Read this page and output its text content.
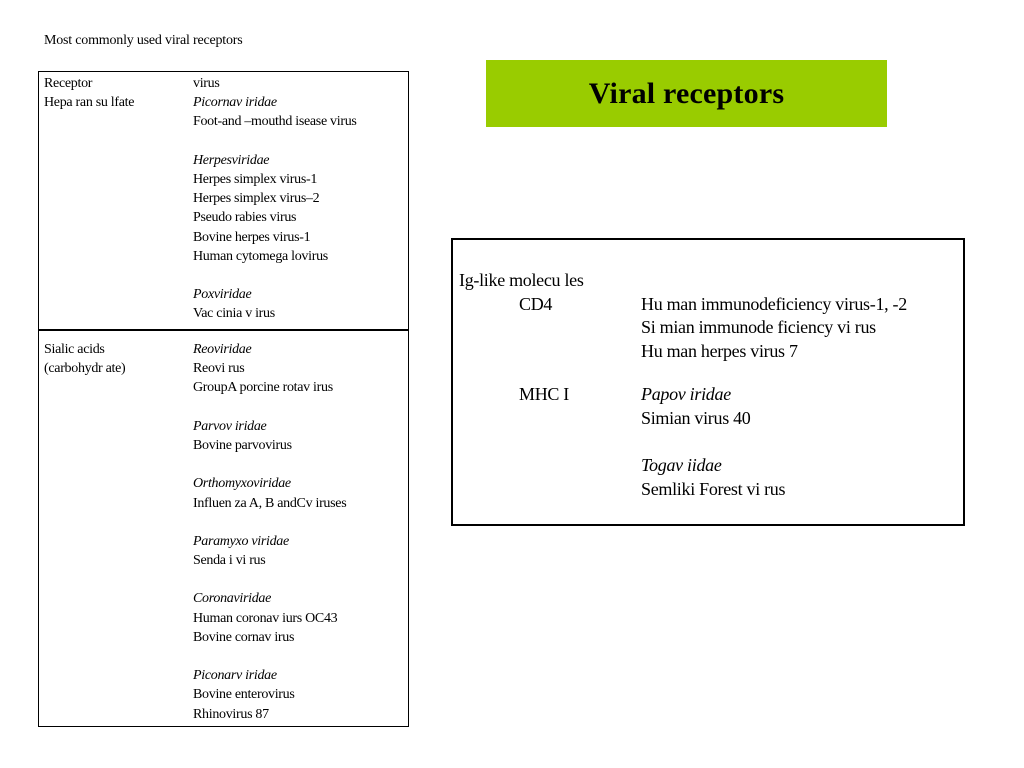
Most commonly used viral receptors
Viral receptors
Receptor
Hepa ran su lfate
virus
Picornav iridae
Foot-and –mouthd isease virus
Herpesviridae
Herpes simplex virus-1
Herpes simplex virus–2
Pseudo rabies virus
Bovine herpes virus-1
Human cytomega lovirus
Poxviridae
Vac cinia v irus
Sialic acids
(carbohydr ate)
Reoviridae
Reovi rus
GroupA porcine rotav irus
Parvov iridae
Bovine parvovirus
Orthomyxoviridae
Influen za A, B andCv iruses
Paramyxo viridae
Senda i vi rus
Coronaviridae
Human coronav iurs OC43
Bovine cornav irus
Piconarv iridae
Bovine enterovirus
Rhinovirus 87
Ig-like molecu les
CD4	Hu man immunodeficiency virus-1, -2
Si mian immunode ficiency vi rus
Hu man herpes virus 7
MHC I	Papov iridae
Simian virus 40
Togav iidae
Semliki Forest vi rus
